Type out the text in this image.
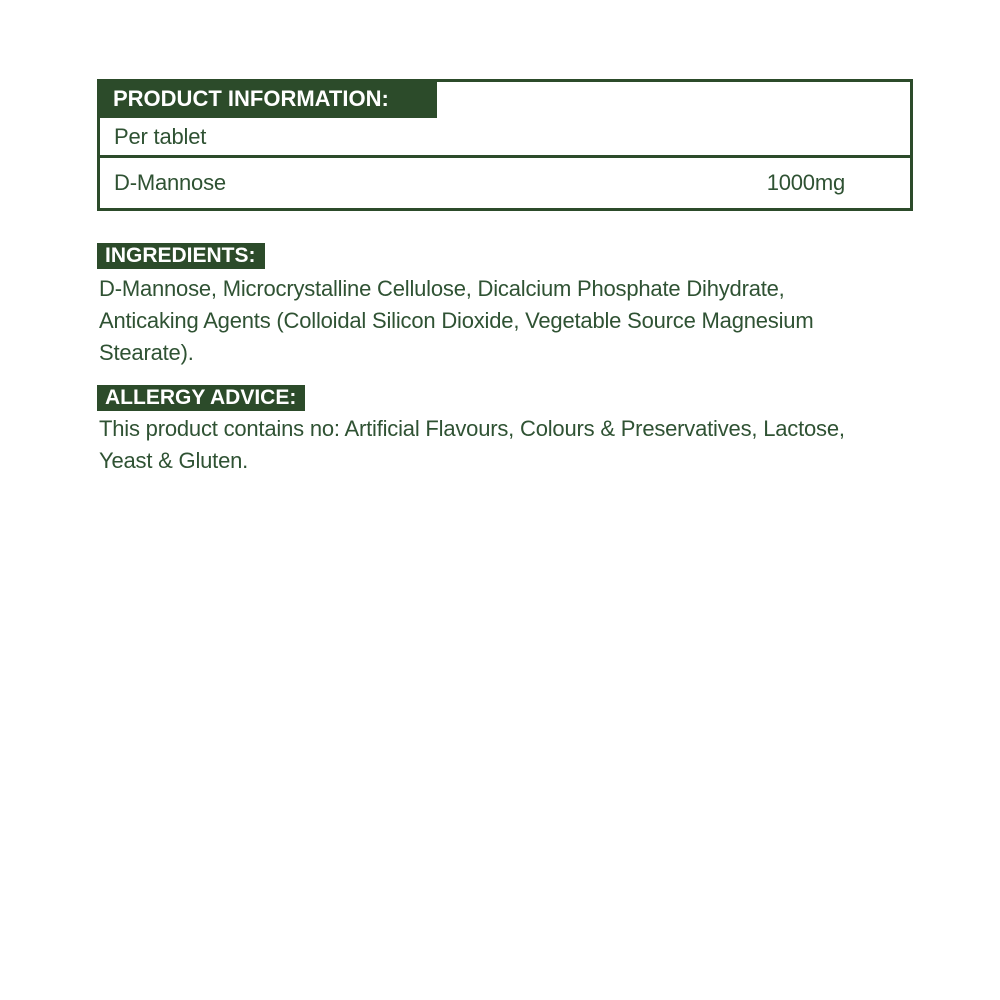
PRODUCT INFORMATION:
Per tablet
D-Mannose	1000mg
INGREDIENTS:
D-Mannose, Microcrystalline Cellulose, Dicalcium Phosphate Dihydrate,
Anticaking Agents (Colloidal Silicon Dioxide, Vegetable Source Magnesium
Stearate).
ALLERGY ADVICE:
This product contains no: Artificial Flavours, Colours & Preservatives, Lactose,
Yeast & Gluten.
